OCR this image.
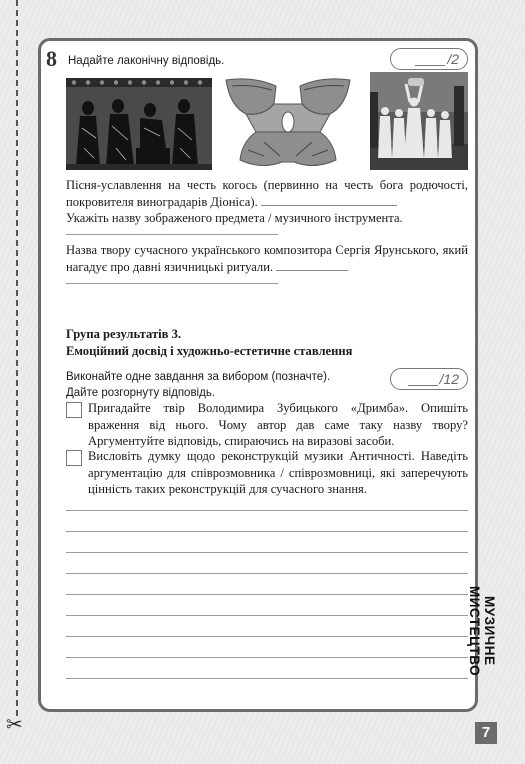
✂
8 Надайте лаконічну відповідь.	/2
Пісня-уславлення на честь когось (первинно на честь бога родючості, покровителя виноградарів Діоніса).
Укажіть назву зображеного предмета / музичного інструмента.
Назва твору сучасного українського композитора Сергія Ярунського, який нагадує про давні язичницькі ритуали.
Група результатів 3.
Емоційний досвід і художньо-естетичне ставлення
Виконайте одне завдання за вибором (позначте).
Дайте розгорнуту відповідь.
/12
Пригадайте твір Володимира Зубицького «Дримба». Опишіть враження від нього. Чому автор дав саме таку назву твору? Аргументуйте відповідь, спираючись на виразові засоби.
Висловіть думку щодо реконструкцій музики Античності. Наведіть аргументацію для співрозмовника / співрозмовниці, які заперечують цінність таких реконструкцій для сучасного знання.
МУЗИЧНЕ МИСТЕЦТВО
7
